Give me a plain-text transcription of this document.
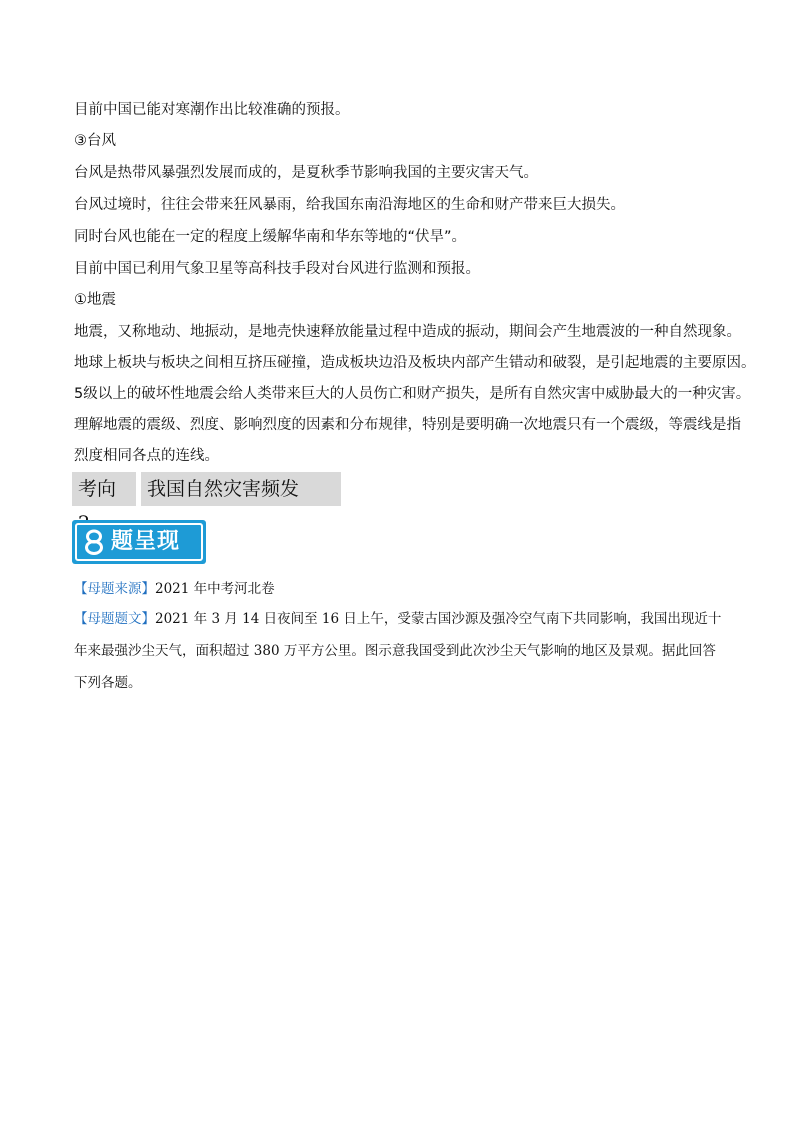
目前中国已能对寒潮作出比较准确的预报。
③台风
台风是热带风暴强烈发展而成的，是夏秋季节影响我国的主要灾害天气。
台风过境时，往往会带来狂风暴雨，给我国东南沿海地区的生命和财产带来巨大损失。
同时台风也能在一定的程度上缓解华南和华东等地的“伏旱”。
目前中国已利用气象卫星等高科技手段对台风进行监测和预报。
①地震
地震，又称地动、地振动，是地壳快速释放能量过程中造成的振动，期间会产生地震波的一种自然现象。
地球上板块与板块之间相互挤压碰撞，造成板块边沿及板块内部产生错动和破裂，是引起地震的主要原因。
5级以上的破坏性地震会给人类带来巨大的人员伤亡和财产损失，是所有自然灾害中威胁最大的一种灾害。
理解地震的震级、烈度、影响烈度的因素和分布规律，特别是要明确一次地震只有一个震级，等震线是指
烈度相同各点的连线。
考向	我国自然灾害频发
题呈现
【母题来源】2021 年中考河北卷
【母题题文】2021 年 3 月 14 日夜间至 16 日上午，受蒙古国沙源及强冷空气南下共同影响，我国出现近十年来最强沙尘天气，面积超过 380 万平方公里。图示意我国受到此次沙尘天气影响的地区及景观。据此回答下列各题。
